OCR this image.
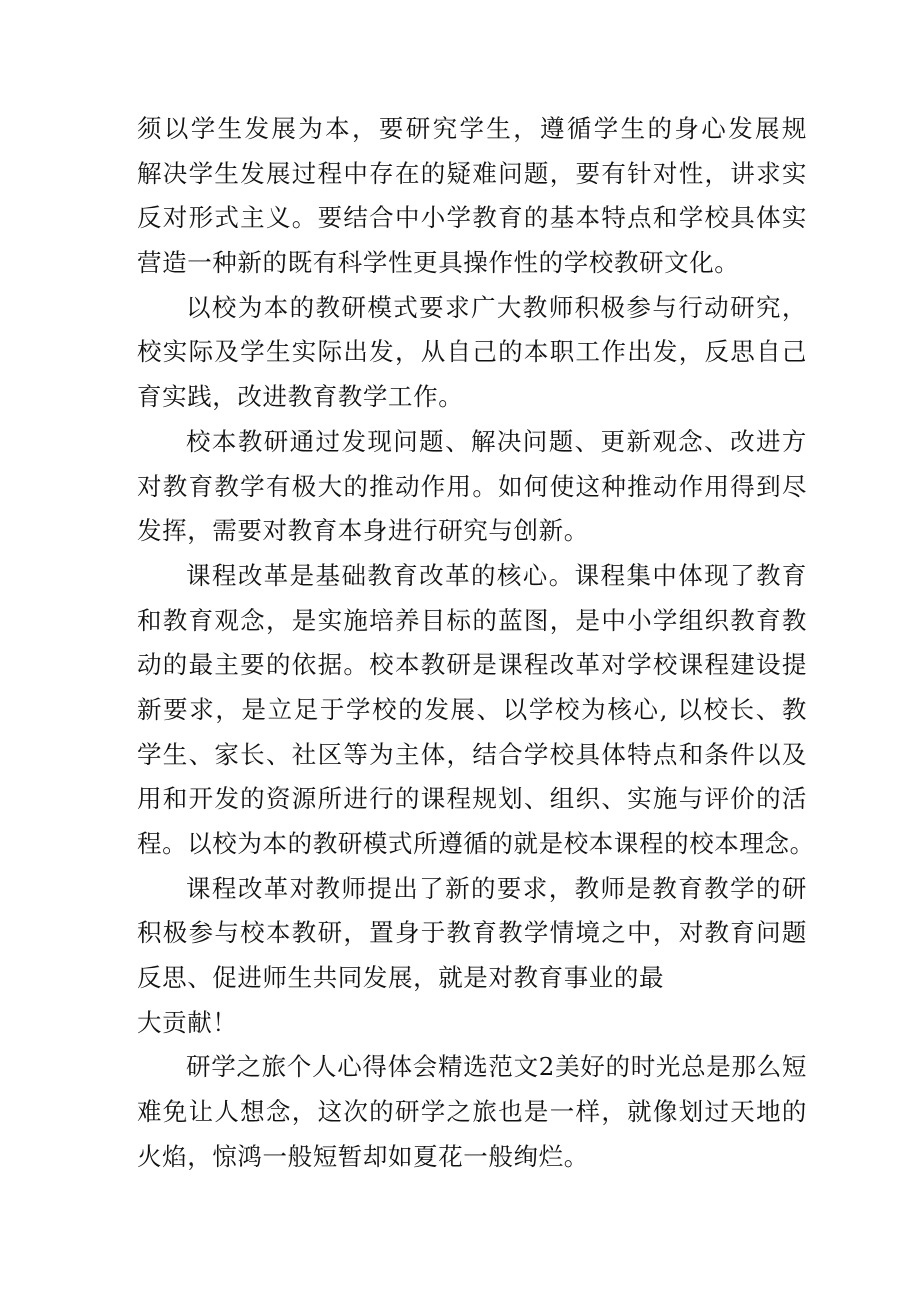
须以学生发展为本，要研究学生，遵循学生的身心发展规
解决学生发展过程中存在的疑难问题，要有针对性，讲求实
反对形式主义。要结合中小学教育的基本特点和学校具体实
营造一种新的既有科学性更具操作性的学校教研文化。
以校为本的教研模式要求广大教师积极参与行动研究，
校实际及学生实际出发，从自己的本职工作出发，反思自己
育实践，改进教育教学工作。
校本教研通过发现问题、解决问题、更新观念、改进方
对教育教学有极大的推动作用。如何使这种推动作用得到尽
发挥，需要对教育本身进行研究与创新。
课程改革是基础教育改革的核心。课程集中体现了教育
和教育观念，是实施培养目标的蓝图，是中小学组织教育教
动的最主要的依据。校本教研是课程改革对学校课程建设提
新要求，是立足于学校的发展、以学校为核心, 以校长、教
学生、家长、社区等为主体，结合学校具体特点和条件以及
用和开发的资源所进行的课程规划、组织、实施与评价的活
程。以校为本的教研模式所遵循的就是校本课程的校本理念。
课程改革对教师提出了新的要求，教师是教育教学的研
积极参与校本教研，置身于教育教学情境之中，对教育问题
反思、促进师生共同发展，就是对教育事业的最
大贡献！
研学之旅个人心得体会精选范文2美好的时光总是那么短
难免让人想念，这次的研学之旅也是一样，就像划过天地的
火焰，惊鸿一般短暂却如夏花一般绚烂。
